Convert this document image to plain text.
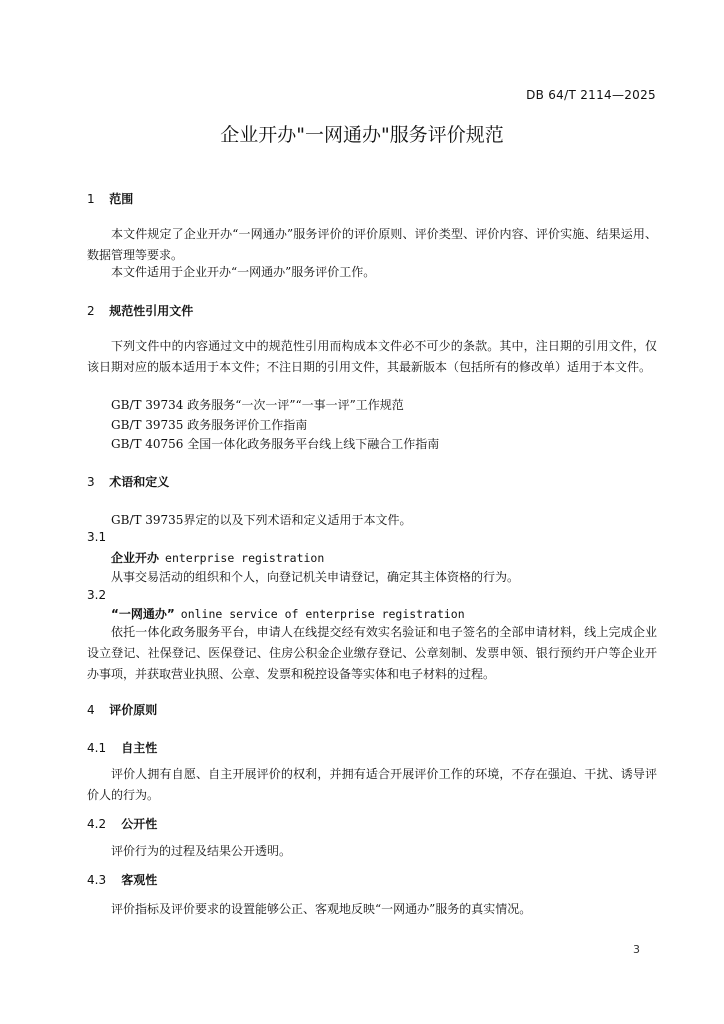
DB 64/T 2114—2025
企业开办"一网通办"服务评价规范
1 范围
本文件规定了企业开办“一网通办”服务评价的评价原则、评价类型、评价内容、评价实施、结果运用、数据管理等要求。
本文件适用于企业开办“一网通办”服务评价工作。
2 规范性引用文件
下列文件中的内容通过文中的规范性引用而构成本文件必不可少的条款。其中，注日期的引用文件，仅该日期对应的版本适用于本文件；不注日期的引用文件，其最新版本（包括所有的修改单）适用于本文件。
GB/T 39734 政务服务“一次一评”“一事一评”工作规范
GB/T 39735 政务服务评价工作指南
GB/T 40756 全国一体化政务服务平台线上线下融合工作指南
3 术语和定义
GB/T 39735界定的以及下列术语和定义适用于本文件。
3.1
企业开办 enterprise registration
从事交易活动的组织和个人，向登记机关申请登记，确定其主体资格的行为。
3.2
“一网通办” online service of enterprise registration
依托一体化政务服务平台，申请人在线提交经有效实名验证和电子签名的全部申请材料，线上完成企业设立登记、社保登记、医保登记、住房公积金企业缴存登记、公章刻制、发票申领、银行预约开户等企业开办事项，并获取营业执照、公章、发票和税控设备等实体和电子材料的过程。
4 评价原则
4.1 自主性
评价人拥有自愿、自主开展评价的权利，并拥有适合开展评价工作的环境，不存在强迫、干扰、诱导评价人的行为。
4.2 公开性
评价行为的过程及结果公开透明。
4.3 客观性
评价指标及评价要求的设置能够公正、客观地反映“一网通办”服务的真实情况。
3
